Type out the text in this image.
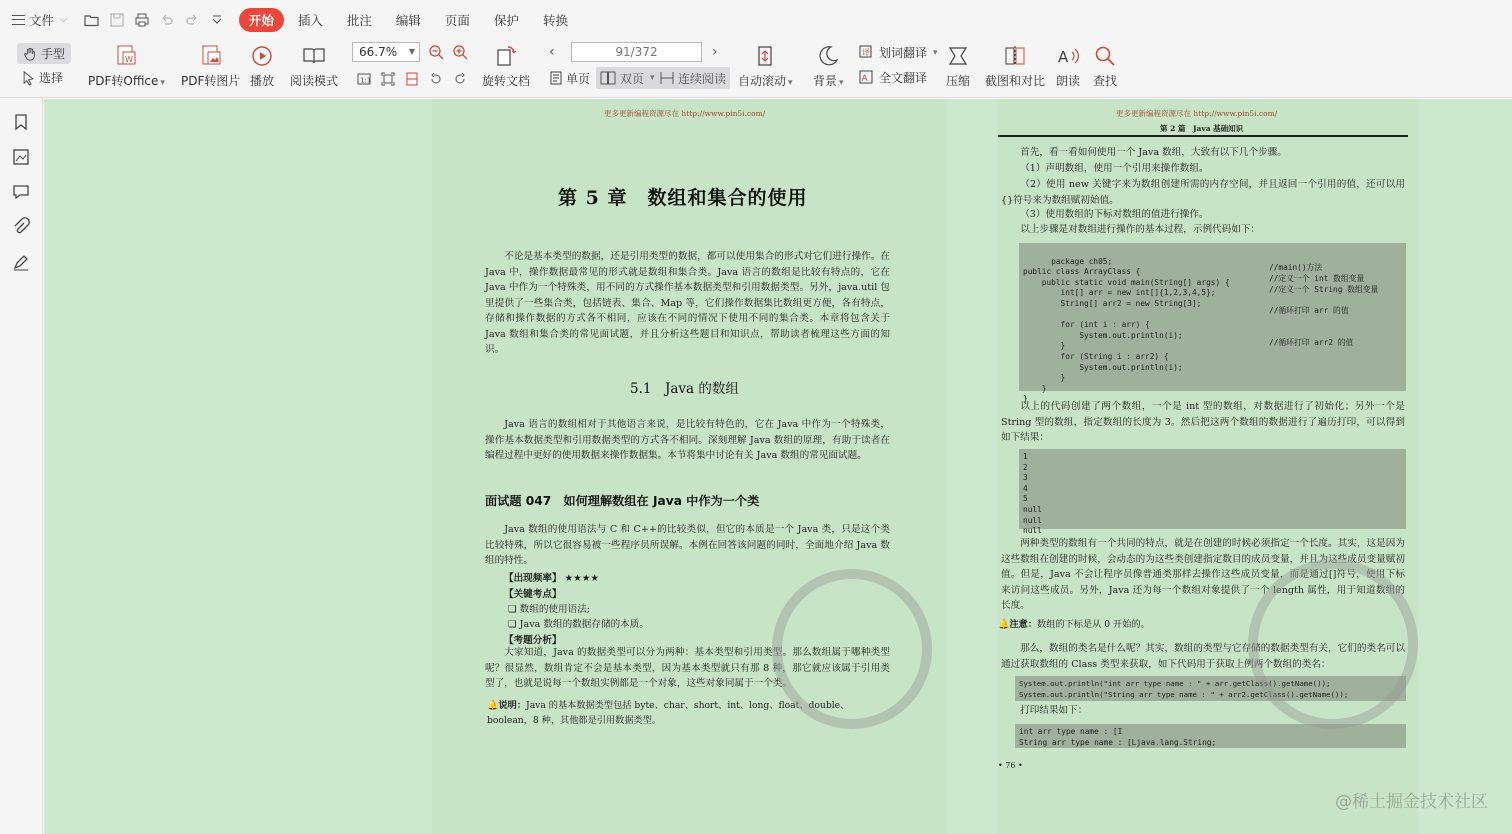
文件 ⌵	开始	插入	批注	编辑	页面	保护	转换
手型
选择
W
PDF转Office ▾ PDF转图片 播放 阅读模式
66.7% ▼
1:1	旋转文档
‹	91/372	›
单页 双页 ▾ 连续阅读 自动滚动 ▾ 背景 ▾
译 划词翻译 ▾
A 全文翻译 压缩 截图和对比
A
朗读 查找
更多更新编程资源尽在 http://www.pin5i.com/
第 5 章　数组和集合的使用
不论是基本类型的数据，还是引用类型的数据，都可以使用集合的形式对它们进行操作。在 Java 中，操作数据最常见的形式就是数组和集合类。Java 语言的数组是比较有特点的，它在 Java 中作为一个特殊类，用不同的方式操作基本数据类型和引用数据类型。另外，java.util 包里提供了一些集合类，包括链表、集合、Map 等，它们操作数据集比数组更方便，各有特点，存储和操作数据的方式各不相同，应该在不同的情况下使用不同的集合类。本章将包含关于 Java 数组和集合类的常见面试题，并且分析这些题目和知识点，帮助读者梳理这些方面的知识。
5.1　Java 的数组
Java 语言的数组相对于其他语言来说，是比较有特色的，它在 Java 中作为一个特殊类，操作基本数据类型和引用数据类型的方式各不相同。深刻理解 Java 数组的原理，有助于读者在编程过程中更好的使用数据来操作数据集。本节将集中讨论有关 Java 数组的常见面试题。
面试题 047　如何理解数组在 Java 中作为一个类
Java 数组的使用语法与 C 和 C++的比较类似，但它的本质是一个 Java 类，只是这个类比较特殊，所以它很容易被一些程序员所误解。本例在回答该问题的同时，全面地介绍 Java 数组的特性。
【出现频率】 ★★★★
【关键考点】
❏ 数组的使用语法;
❏ Java 数组的数据存储的本质。
【考题分析】
大家知道，Java 的数据类型可以分为两种：基本类型和引用类型。那么数组属于哪种类型呢？很显然，数组肯定不会是基本类型，因为基本类型就只有那 8 种，那它就应该属于引用类型了，也就是说每一个数组实例都是一个对象，这些对象同属于一个类。
🔔说明：Java 的基本数据类型包括 byte、char、short、int、long、float、double、boolean，8 种，其他都是引用数据类型。
更多更新编程资源尽在 http://www.pin5i.com/
第 2 篇　Java 基础知识
首先，看一看如何使用一个 Java 数组，大致有以下几个步骤。
（1）声明数组，使用一个引用来操作数组。
（2）使用 new 关键字来为数组创建所需的内存空间，并且返回一个引用的值，还可以用{}符号来为数组赋初始值。
（3）使用数组的下标对数组的值进行操作。
以上步骤是对数组进行操作的基本过程，示例代码如下：

package ch05;
public class ArrayClass {
public static void main(String[] args) {
int[] arr = new int[]{1,2,3,4,5};
String[] arr2 = new String[3];

for (int i : arr) {
System.out.println(i);
}
for (String i : arr2) {
System.out.println(i);
}
}
}

//main()方法

//定义一个 int 数组变量

//定义一个 String 数组变量

//循环打印 arr 的值

//循环打印 arr2 的值

以上的代码创建了两个数组，一个是 int 型的数组，对数据进行了初始化；另外一个是 String 型的数组，指定数组的长度为 3。然后把这两个数组的数据进行了遍历打印，可以得到如下结果：
1
2
3
4
5
null
null
null
两种类型的数组有一个共同的特点，就是在创建的时候必须指定一个长度。其实，这是因为这些数组在创建的时候，会动态的为这些类创建指定数目的成员变量，并且为这些成员变量赋初值。但是，Java 不会让程序员像普通类那样去操作这些成员变量，而是通过[]符号，使用下标来访问这些成员。另外，Java 还为每一个数组对象提供了一个 length 属性，用于知道数组的长度。
🔔注意：数组的下标是从 0 开始的。
那么，数组的类名是什么呢？其实，数组的类型与它存储的数据类型有关，它们的类名可以通过获取数组的 Class 类型来获取，如下代码用于获取上例两个数组的类名：
System.out.println("int arr type name : " + arr.getClass().getName());
System.out.println("String arr type name : " + arr2.getClass().getName());
打印结果如下：
int arr type name : [I
String arr type name : [Ljava.lang.String;
• 76 •
@稀土掘金技术社区
